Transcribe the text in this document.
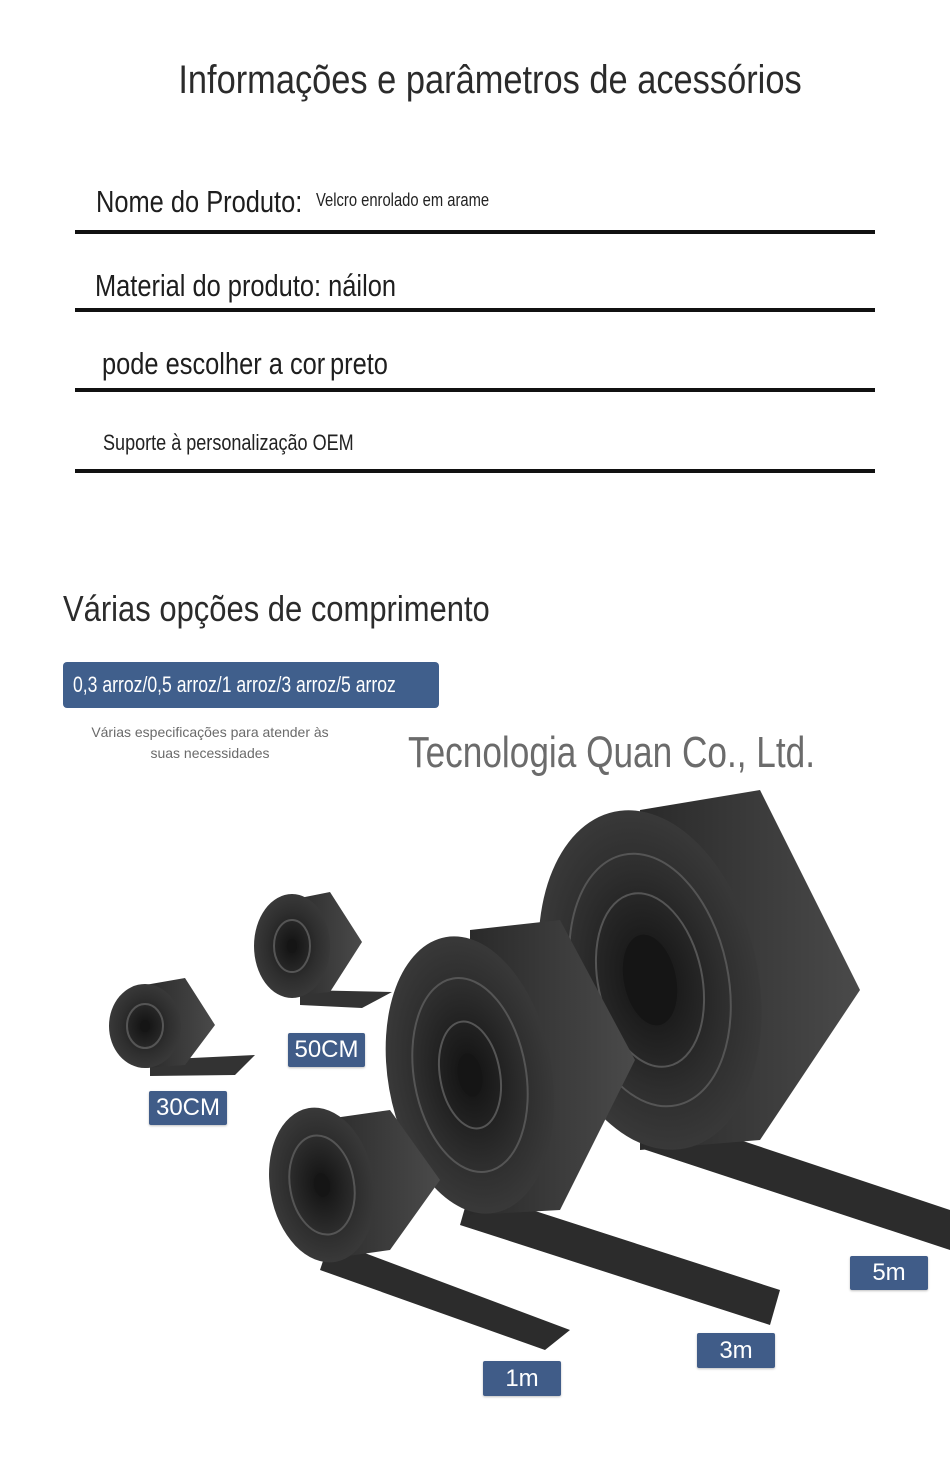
Informações e parâmetros de acessórios
Nome do Produto: Velcro enrolado em arame
Material do produto: náilon
pode escolher a cor preto
Suporte à personalização OEM
Várias opções de comprimento
0,3 arroz/0,5 arroz/1 arroz/3 arroz/5 arroz
Várias especificações para atender às suas necessidades	Tecnologia Quan Co., Ltd.
30CM
50CM
1m
3m
5m
